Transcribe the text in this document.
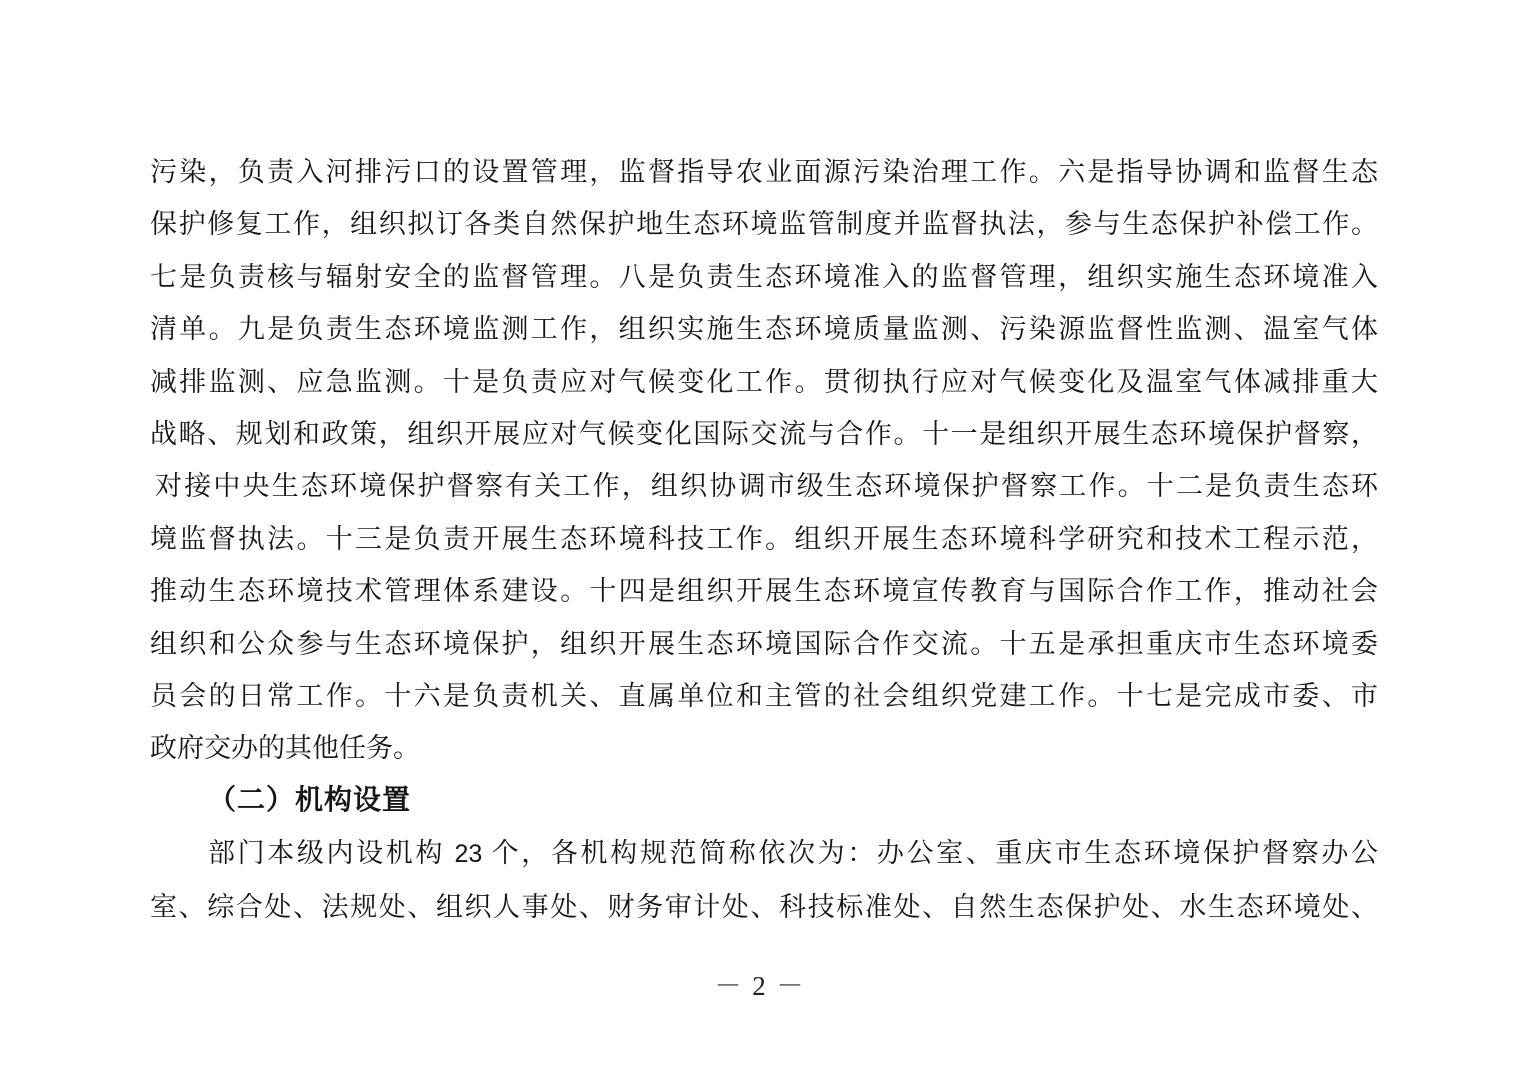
污染，负责入河排污口的设置管理，监督指导农业面源污染治理工作。六是指导协调和监督生态
保护修复工作，组织拟订各类自然保护地生态环境监管制度并监督执法，参与生态保护补偿工作。
七是负责核与辐射安全的监督管理。八是负责生态环境准入的监督管理，组织实施生态环境准入
清单。九是负责生态环境监测工作，组织实施生态环境质量监测、污染源监督性监测、温室气体
减排监测、应急监测。十是负责应对气候变化工作。贯彻执行应对气候变化及温室气体减排重大
战略、规划和政策，组织开展应对气候变化国际交流与合作。十一是组织开展生态环境保护督察，
对接中央生态环境保护督察有关工作，组织协调市级生态环境保护督察工作。十二是负责生态环
境监督执法。十三是负责开展生态环境科技工作。组织开展生态环境科学研究和技术工程示范，
推动生态环境技术管理体系建设。十四是组织开展生态环境宣传教育与国际合作工作，推动社会
组织和公众参与生态环境保护，组织开展生态环境国际合作交流。十五是承担重庆市生态环境委
员会的日常工作。十六是负责机关、直属单位和主管的社会组织党建工作。十七是完成市委、市
政府交办的其他任务。
（二）机构设置
部门本级内设机构 23 个，各机构规范简称依次为：办公室、重庆市生态环境保护督察办公
室、综合处、法规处、组织人事处、财务审计处、科技标准处、自然生态保护处、水生态环境处、
－ 2 －
